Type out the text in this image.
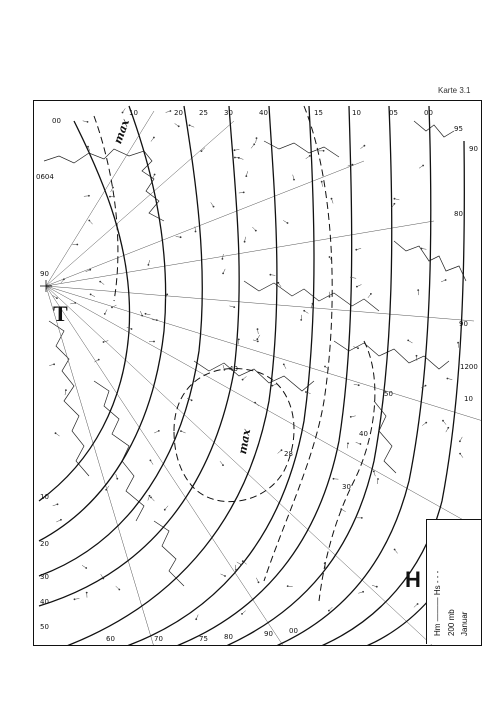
Karte 3.1
0604
90
10
20
30
40
50
60	70	75 80	90 00
00
10	20 25 30	40	15	10	05	00
95
90
80
90
1200
10
40
28
30
40
50
T
max
max
Hm ——— Hs - - - 200 mb Januar
H
